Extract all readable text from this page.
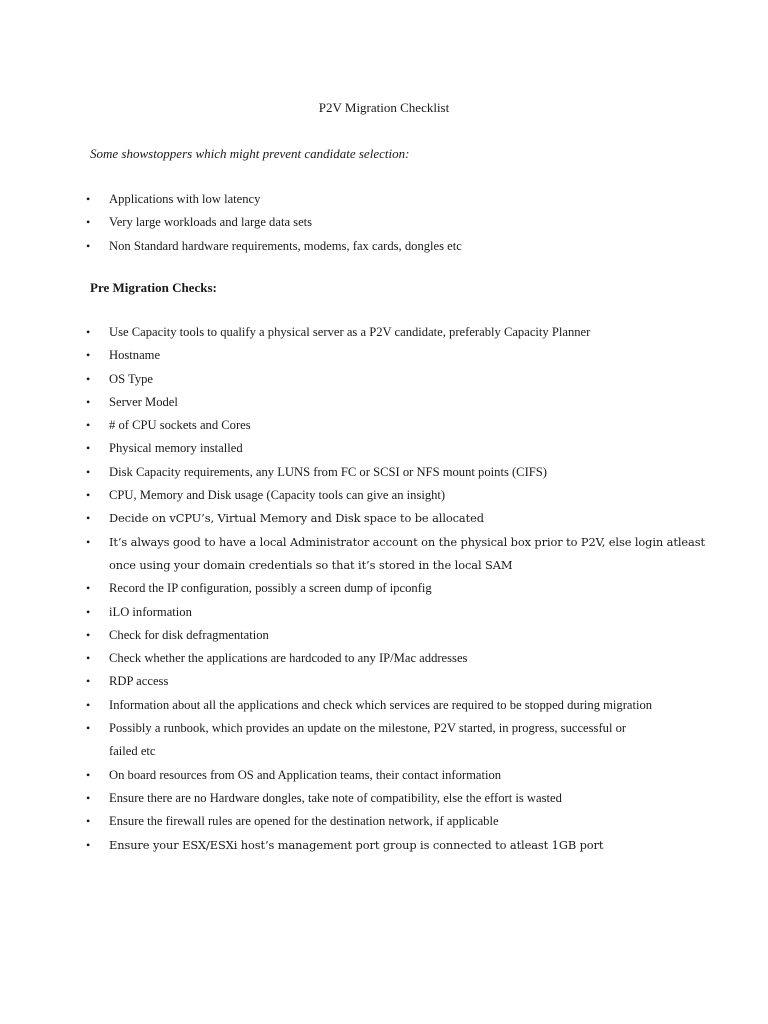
P2V Migration Checklist

Some showstoppers which might prevent candidate selection:

• Applications with low latency
• Very large workloads and large data sets
• Non Standard hardware requirements, modems, fax cards, dongles etc

Pre Migration Checks:

• Use Capacity tools to qualify a physical server as a P2V candidate, preferably Capacity Planner
• Hostname
• OS Type
• Server Model
• # of CPU sockets and Cores
• Physical memory installed
• Disk Capacity requirements, any LUNS from FC or SCSI or NFS mount points (CIFS)
• CPU, Memory and Disk usage (Capacity tools can give an insight)
• Decide on vCPU’s, Virtual Memory and Disk space to be allocated
• It’s always good to have a local Administrator account on the physical box prior to P2V, else login atleast
once using your domain credentials so that it’s stored in the local SAM
• Record the IP configuration, possibly a screen dump of ipconfig
• iLO information
• Check for disk defragmentation
• Check whether the applications are hardcoded to any IP/Mac addresses
• RDP access
• Information about all the applications and check which services are required to be stopped during migration
• Possibly a runbook, which provides an update on the milestone, P2V started, in progress, successful or
failed etc
• On board resources from OS and Application teams, their contact information
• Ensure there are no Hardware dongles, take note of compatibility, else the effort is wasted
• Ensure the firewall rules are opened for the destination network, if applicable
• Ensure your ESX/ESXi host’s management port group is connected to atleast 1GB port
